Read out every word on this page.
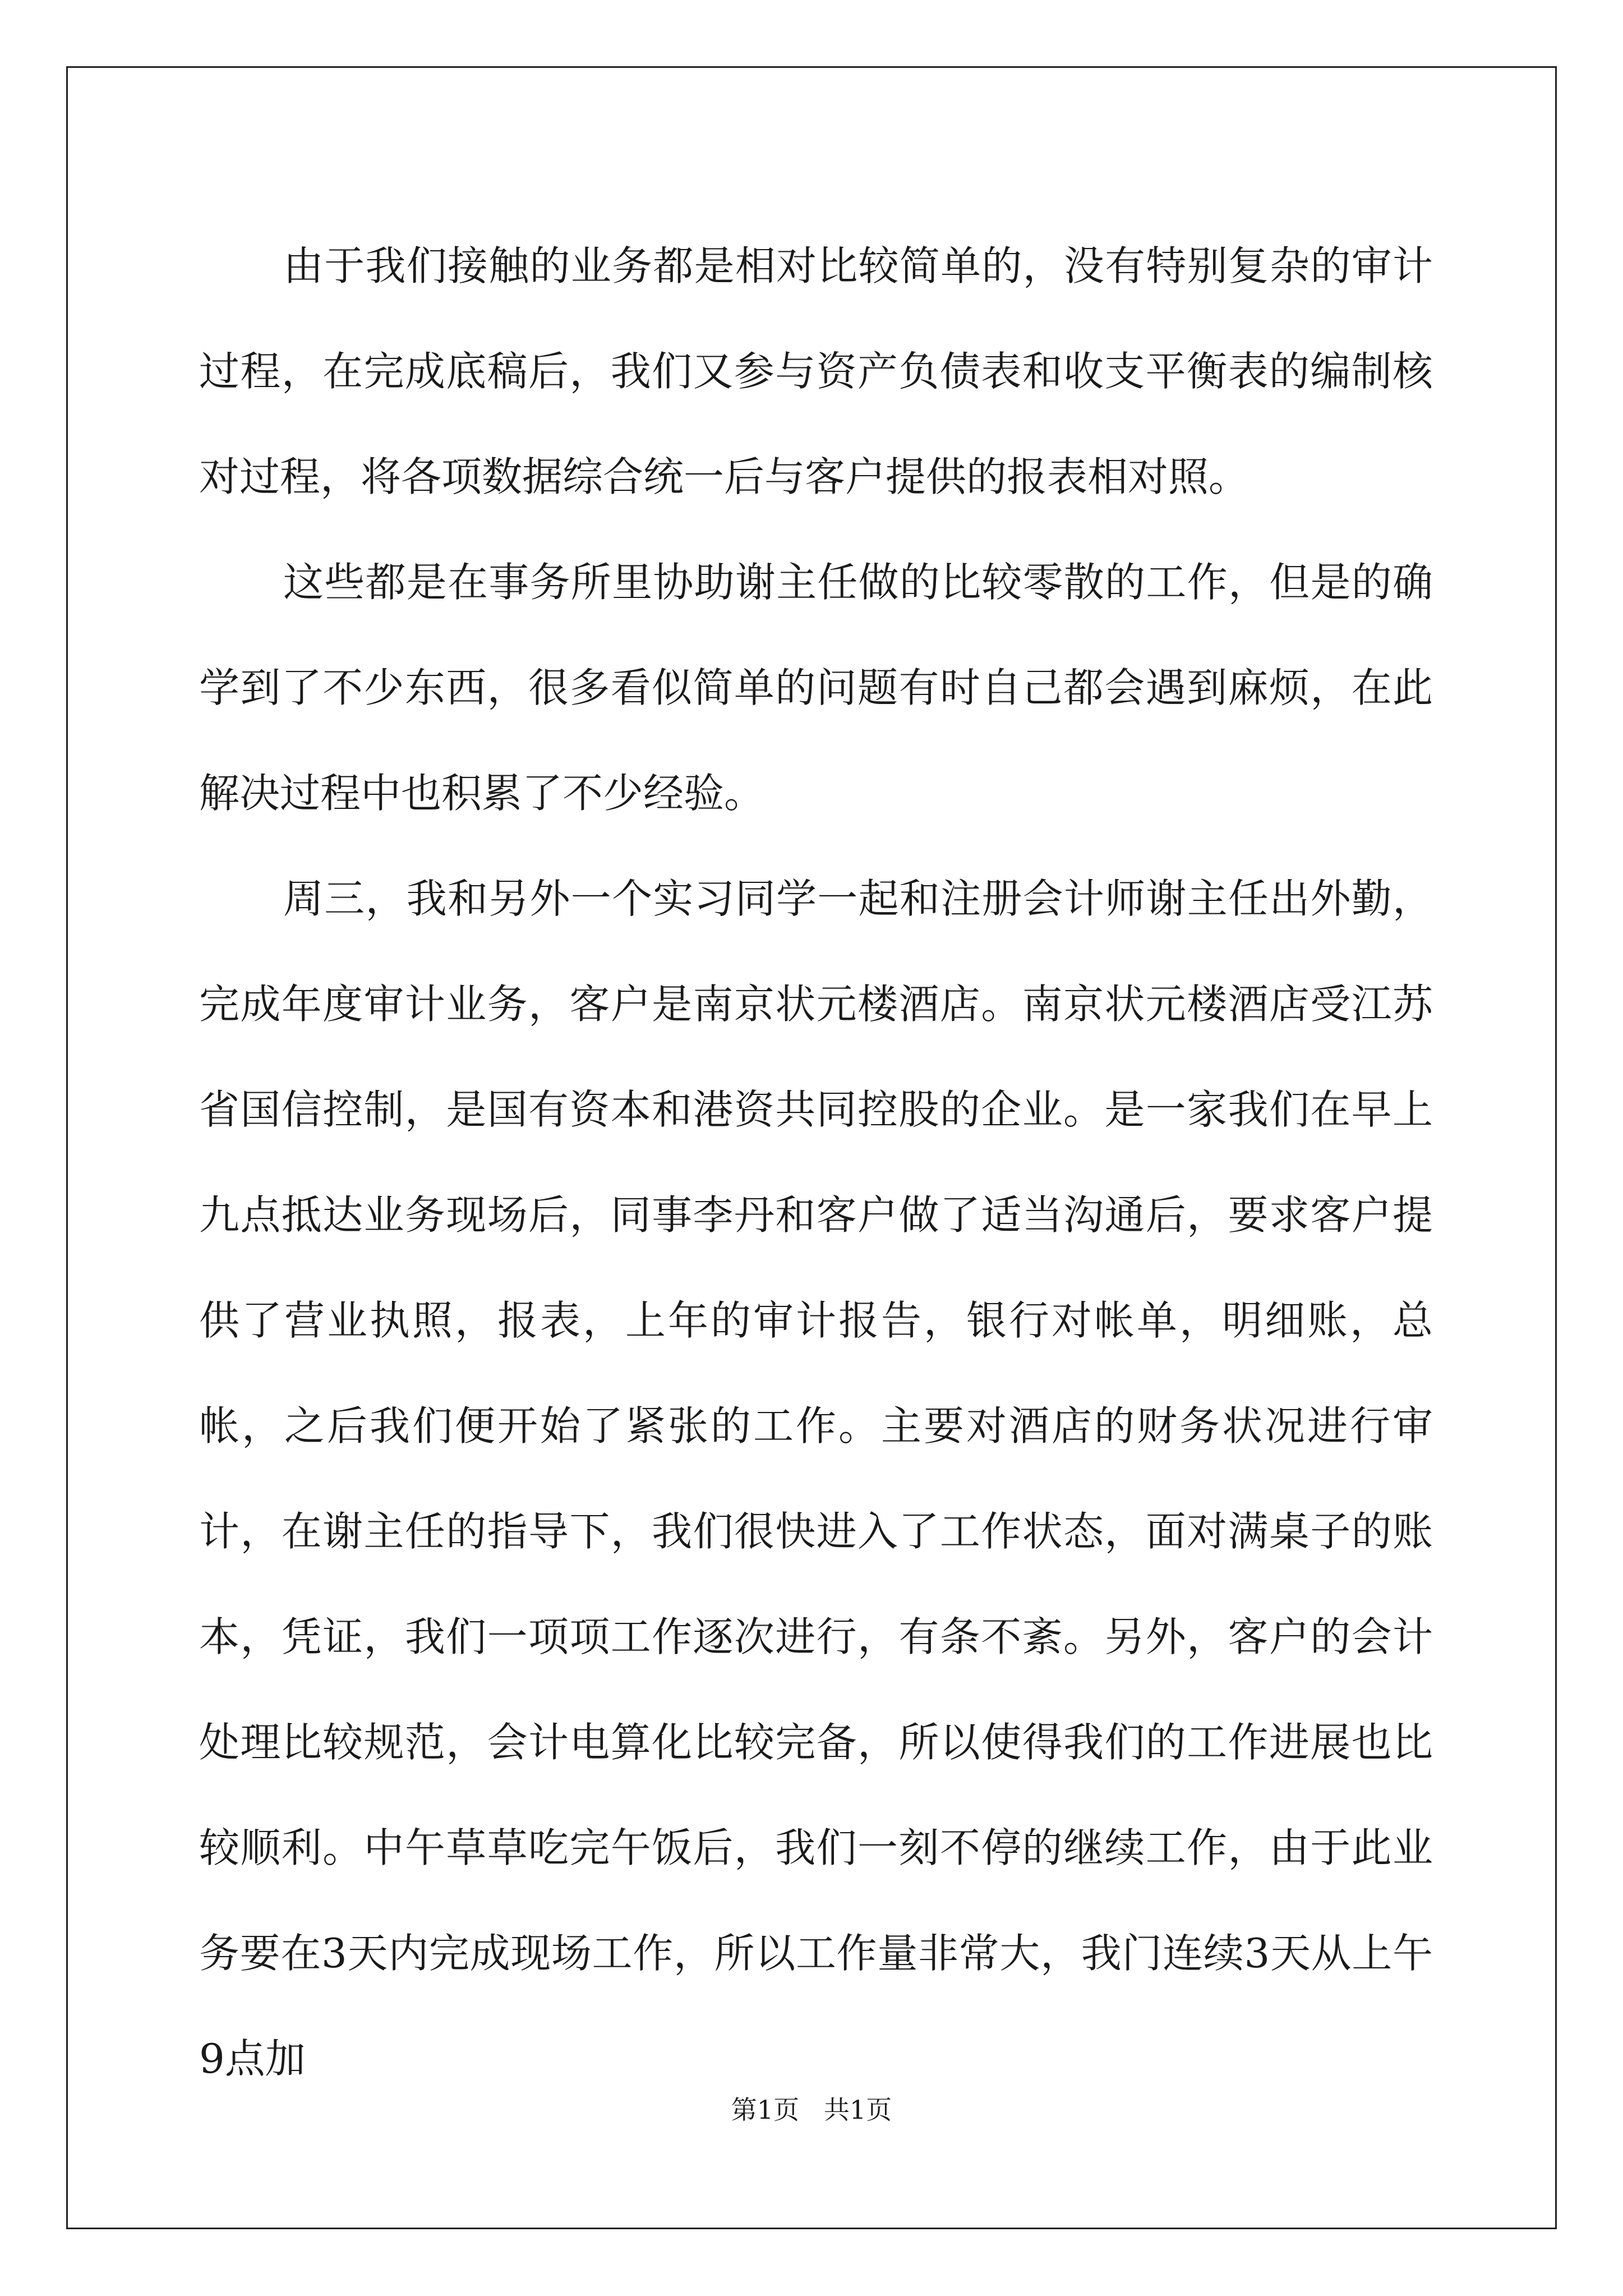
由于我们接触的业务都是相对比较简单的，没有特别复杂的审计过程，在完成底稿后，我们又参与资产负债表和收支平衡表的编制核对过程，将各项数据综合统一后与客户提供的报表相对照。

这些都是在事务所里协助谢主任做的比较零散的工作，但是的确学到了不少东西，很多看似简单的问题有时自己都会遇到麻烦，在此解决过程中也积累了不少经验。

周三，我和另外一个实习同学一起和注册会计师谢主任出外勤，完成年度审计业务，客户是南京状元楼酒店。南京状元楼酒店受江苏省国信控制，是国有资本和港资共同控股的企业。是一家我们在早上九点抵达业务现场后，同事李丹和客户做了适当沟通后，要求客户提供了营业执照，报表，上年的审计报告，银行对帐单，明细账，总帐，之后我们便开始了紧张的工作。主要对酒店的财务状况进行审计，在谢主任的指导下，我们很快进入了工作状态，面对满桌子的账本，凭证，我们一项项工作逐次进行，有条不紊。另外，客户的会计处理比较规范，会计电算化比较完备，所以使得我们的工作进展也比较顺利。中午草草吃完午饭后，我们一刻不停的继续工作，由于此业务要在3天内完成现场工作，所以工作量非常大，我门连续3天从上午9点加

第1页   共1页
